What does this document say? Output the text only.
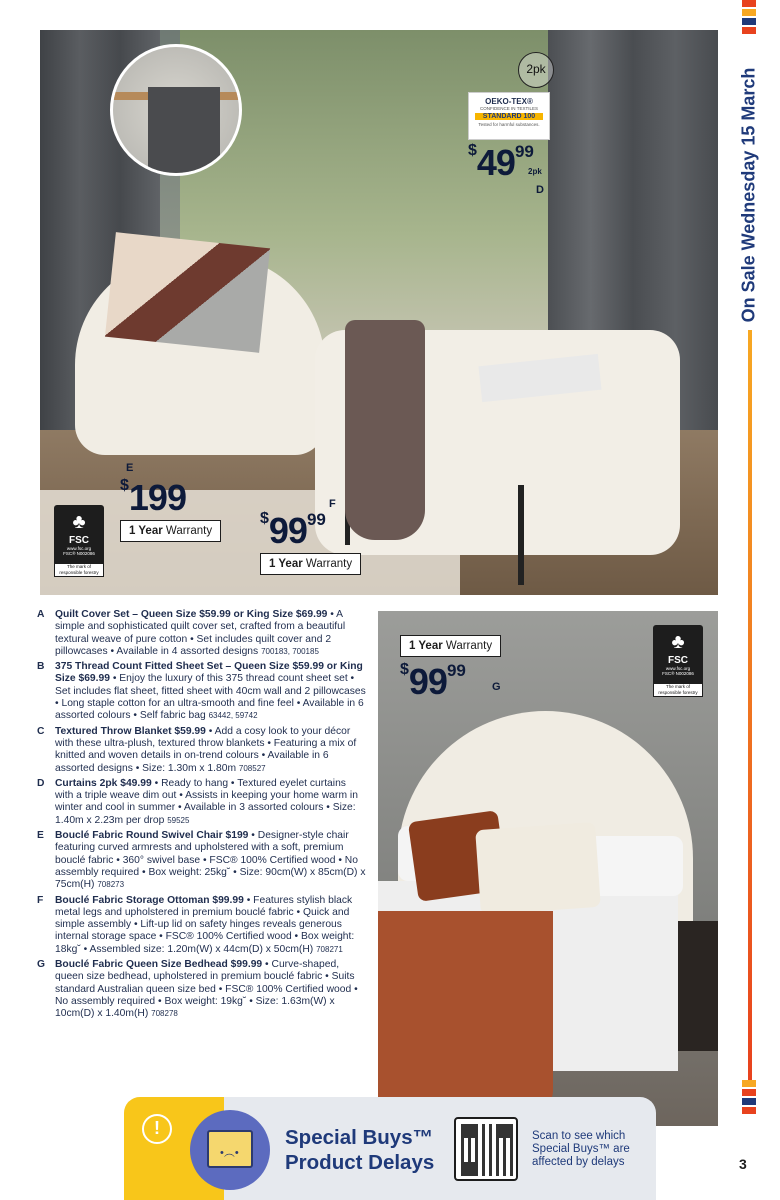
On Sale Wednesday 15 March
2pk
OEKO-TEX®
CONFIDENCE IN TEXTILES
STANDARD 100
Tested for harmful substances.
$4999
2pk
D
E
$199
1 Year Warranty
F
$9999
1 Year Warranty
♣
FSC
www.fsc.org
FSC® N002086
The mark of responsible forestry
A	Quilt Cover Set – Queen Size $59.99 or King Size $69.99 • A simple and sophisticated quilt cover set, crafted from a beautiful textural weave of pure cotton • Set includes quilt cover and 2 pillowcases • Available in 4 assorted designs 700183, 700185
B	375 Thread Count Fitted Sheet Set – Queen Size $59.99 or King Size $69.99 • Enjoy the luxury of this 375 thread count sheet set • Set includes flat sheet, fitted sheet with 40cm wall and 2 pillowcases • Long staple cotton for an ultra-smooth and fine feel • Available in 6 assorted colours • Self fabric bag 63442, 59742
C	Textured Throw Blanket $59.99 • Add a cosy look to your décor with these ultra-plush, textured throw blankets • Featuring a mix of knitted and woven details in on-trend colours • Available in 6 assorted designs • Size: 1.30m x 1.80m 708527
D	Curtains 2pk $49.99 • Ready to hang • Textured eyelet curtains with a triple weave dim out • Assists in keeping your home warm in winter and cool in summer • Available in 3 assorted colours • Size: 1.40m x 2.23m per drop 59525
E	Bouclé Fabric Round Swivel Chair $199 • Designer-style chair featuring curved armrests and upholstered with a soft, premium bouclé fabric • 360° swivel base • FSC® 100% Certified wood • No assembly required • Box weight: 25kg˘ • Size: 90cm(W) x 85cm(D) x 75cm(H) 708273
F	Bouclé Fabric Storage Ottoman $99.99 • Features stylish black metal legs and upholstered in premium bouclé fabric • Quick and simple assembly • Lift-up lid on safety hinges reveals generous internal storage space • FSC® 100% Certified wood • Box weight: 18kg˘ • Assembled size: 1.20m(W) x 44cm(D) x 50cm(H) 708271
G Bouclé Fabric Queen Size Bedhead $99.99 • Curve-shaped, queen size bedhead, upholstered in premium bouclé fabric • Suits standard Australian queen size bed • FSC® 100% Certified wood • No assembly required • Box weight: 19kg˘ • Size: 1.63m(W) x 10cm(D) x 1.40m(H) 708278
1 Year Warranty
$9999
G
♣
FSC
www.fsc.org
FSC® N002086
The mark of responsible forestry
!
•︵•
Special Buys™
Product Delays
Scan to see which Special Buys™ are affected by delays	3
